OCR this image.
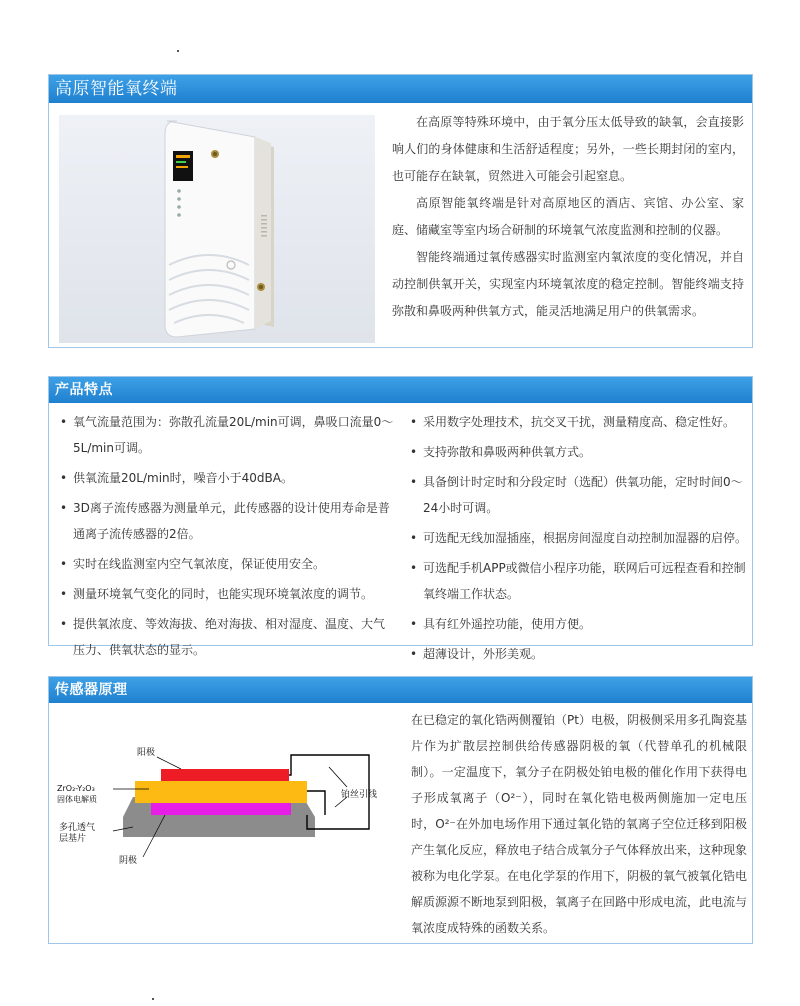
高原智能氧终端

在高原等特殊环境中，由于氧分压太低导致的缺氧，会直接影响人们的身体健康和生活舒适程度；另外，一些长期封闭的室内，也可能存在缺氧，贸然进入可能会引起窒息。

高原智能氧终端是针对高原地区的酒店、宾馆、办公室、家庭、储藏室等室内场合研制的环境氧气浓度监测和控制的仪器。

智能终端通过氧传感器实时监测室内氧浓度的变化情况，并自动控制供氧开关，实现室内环境氧浓度的稳定控制。智能终端支持弥散和鼻吸两种供氧方式，能灵活地满足用户的供氧需求。

产品特点
• 氧气流量范围为：弥散孔流量20L/min可调，鼻吸口流量0～5L/min可调。
• 供氧流量20L/min时，噪音小于40dBA。
• 3D离子流传感器为测量单元，此传感器的设计使用寿命是普通离子流传感器的2倍。
• 实时在线监测室内空气氧浓度，保证使用安全。
• 测量环境氧气变化的同时，也能实现环境氧浓度的调节。
• 提供氧浓度、等效海拔、绝对海拔、相对湿度、温度、大气压力、供氧状态的显示。
• 采用数字处理技术，抗交叉干扰，测量精度高、稳定性好。
• 支持弥散和鼻吸两种供氧方式。
• 具备倒计时定时和分段定时（选配）供氧功能，定时时间0～24小时可调。
• 可选配无线加湿插座，根据房间湿度自动控制加湿器的启停。
• 可选配手机APP或微信小程序功能，联网后可远程查看和控制氧终端工作状态。
• 具有红外遥控功能，使用方便。
• 超薄设计，外形美观。
传感器原理
阳极
ZrO₂-Y₂O₃
固体电解质
多孔透气
层基片
阴极
铂丝引线
在已稳定的氧化锆两侧覆铂（Pt）电极，阴极侧采用多孔陶瓷基片作为扩散层控制供给传感器阴极的氧（代替单孔的机械限制）。一定温度下，氧分子在阴极处铂电极的催化作用下获得电子形成氧离子（O²⁻），同时在氧化锆电极两侧施加一定电压时，O²⁻在外加电场作用下通过氧化锆的氧离子空位迁移到阳极产生氧化反应，释放电子结合成氧分子气体释放出来，这种现象被称为电化学泵。在电化学泵的作用下，阴极的氧气被氧化锆电解质源源不断地泵到阳极，氧离子在回路中形成电流，此电流与氧浓度成特殊的函数关系。
